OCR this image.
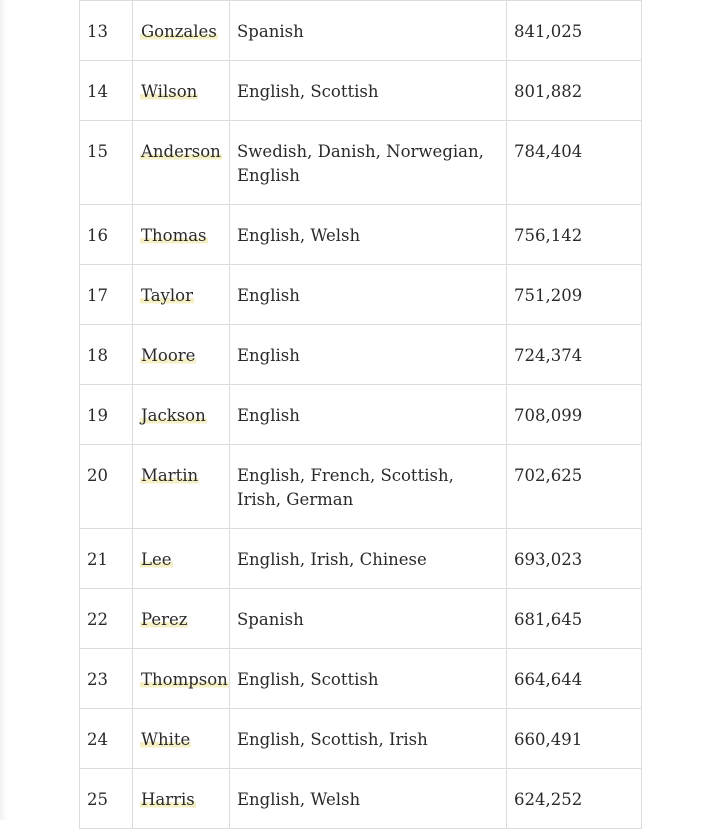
13	Gonzales	Spanish	841,025
14	Wilson	English, Scottish	801,882
15	Anderson	Swedish, Danish, Norwegian, English	784,404
16	Thomas	English, Welsh	756,142
17	Taylor	English	751,209
18	Moore	English	724,374
19	Jackson	English	708,099
20	Martin	English, French, Scottish, Irish, German	702,625
21	Lee	English, Irish, Chinese	693,023
22	Perez	Spanish	681,645
23	Thompson	English, Scottish	664,644
24	White	English, Scottish, Irish	660,491
25	Harris	English, Welsh	624,252
